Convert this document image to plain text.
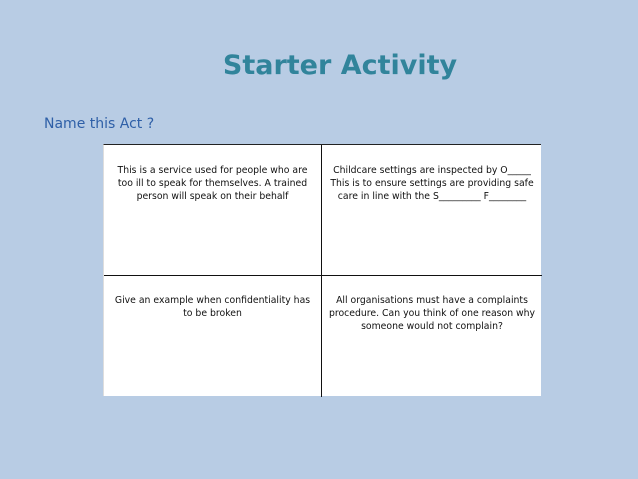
Starter Activity
Name this Act ?
This is a service used for people who are too ill to speak for themselves. A trained person will speak on their behalf
Childcare settings are inspected by O_____ This is to ensure settings are providing safe care in line with the S_________ F________
Give an example when confidentiality has to be broken
All organisations must have a complaints procedure. Can you think of one reason why someone would not complain?
